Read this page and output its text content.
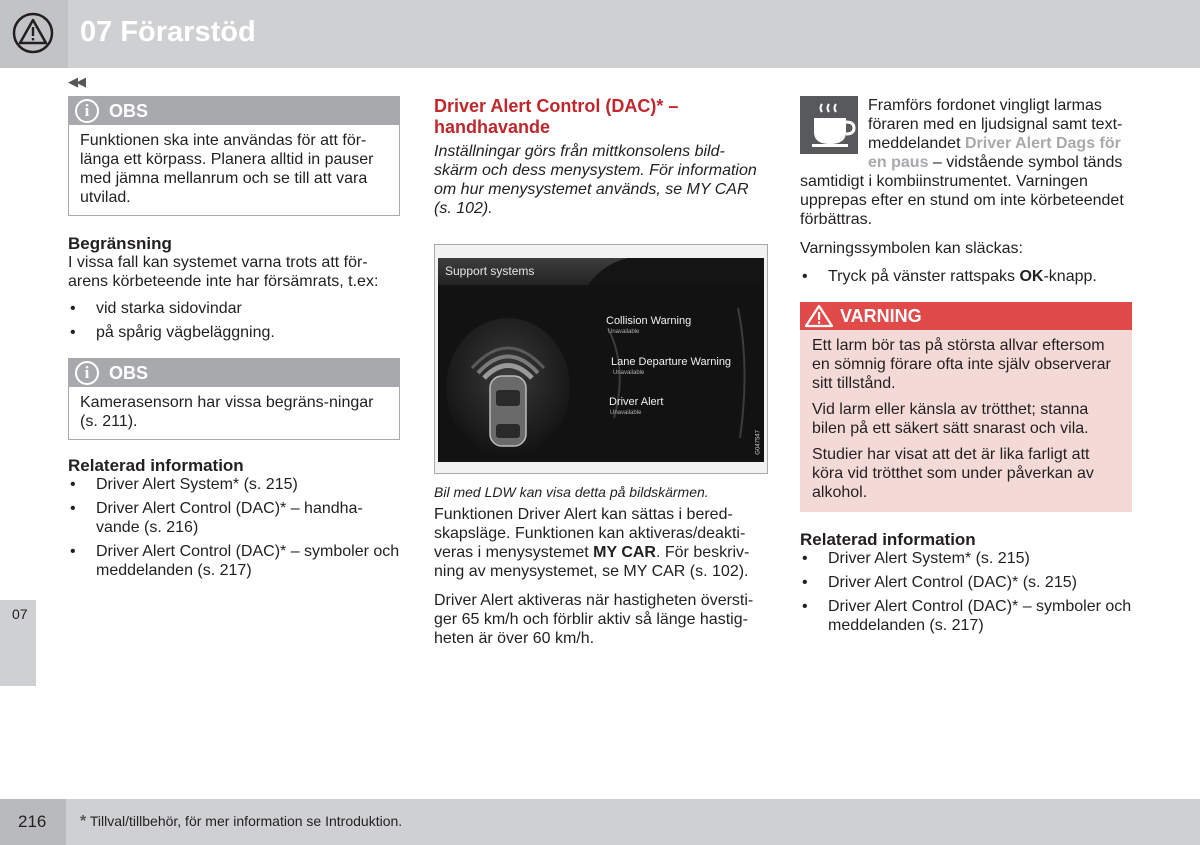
07 Förarstöd
◀◀
07
i	OBS

Funktionen ska inte användas för att för-länga ett körpass. Planera alltid in pauser med jämna mellanrum och se till att vara utvilad.

Begränsning

I vissa fall kan systemet varna trots att för-arens körbeteende inte har försämrats, t.ex:

• vid starka sidovindar
• på spårig vägbeläggning.
i	OBS

Kamerasensorn har vissa begräns-ningar (s. 211).

Relaterad information
• Driver Alert System* (s. 215)
• Driver Alert Control (DAC)* – handha-vande (s. 216)
• Driver Alert Control (DAC)* – symboler och meddelanden (s. 217)
Driver Alert Control (DAC)* – handhavande

Inställningar görs från mittkonsolens bild-skärm och dess menysystem. För information om hur menysystemet används, se MY CAR (s. 102).

Support systems
Collision Warning
Unavailable
Lane Departure Warning
Unavailable
Driver Alert
Unavailable
G047547
Bil med LDW kan visa detta på bildskärmen.

Funktionen Driver Alert kan sättas i bered-skapsläge. Funktionen kan aktiveras/deakti-veras i menysystemet MY CAR. För beskriv-ning av menysystemet, se MY CAR (s. 102).

Driver Alert aktiveras när hastigheten översti-ger 65 km/h och förblir aktiv så länge hastig-heten är över 60 km/h.

Framförs fordonet vingligt larmas föraren med en ljudsignal samt text-meddelandet Driver Alert Dags för en paus – vidstående symbol tänds samtidigt i kombiinstrumentet. Varningen upprepas efter en stund om inte körbeteendet förbättras.

Varningssymbolen kan släckas:

• Tryck på vänster rattspaks OK-knapp.
VARNING

Ett larm bör tas på största allvar eftersom en sömnig förare ofta inte själv observerar sitt tillstånd.

Vid larm eller känsla av trötthet; stanna bilen på ett säkert sätt snarast och vila.

Studier har visat att det är lika farligt att köra vid trötthet som under påverkan av alkohol.

Relaterad information
• Driver Alert System* (s. 215)
• Driver Alert Control (DAC)* (s. 215)
• Driver Alert Control (DAC)* – symboler och meddelanden (s. 217)
216	* Tillval/tillbehör, för mer information se Introduktion.
